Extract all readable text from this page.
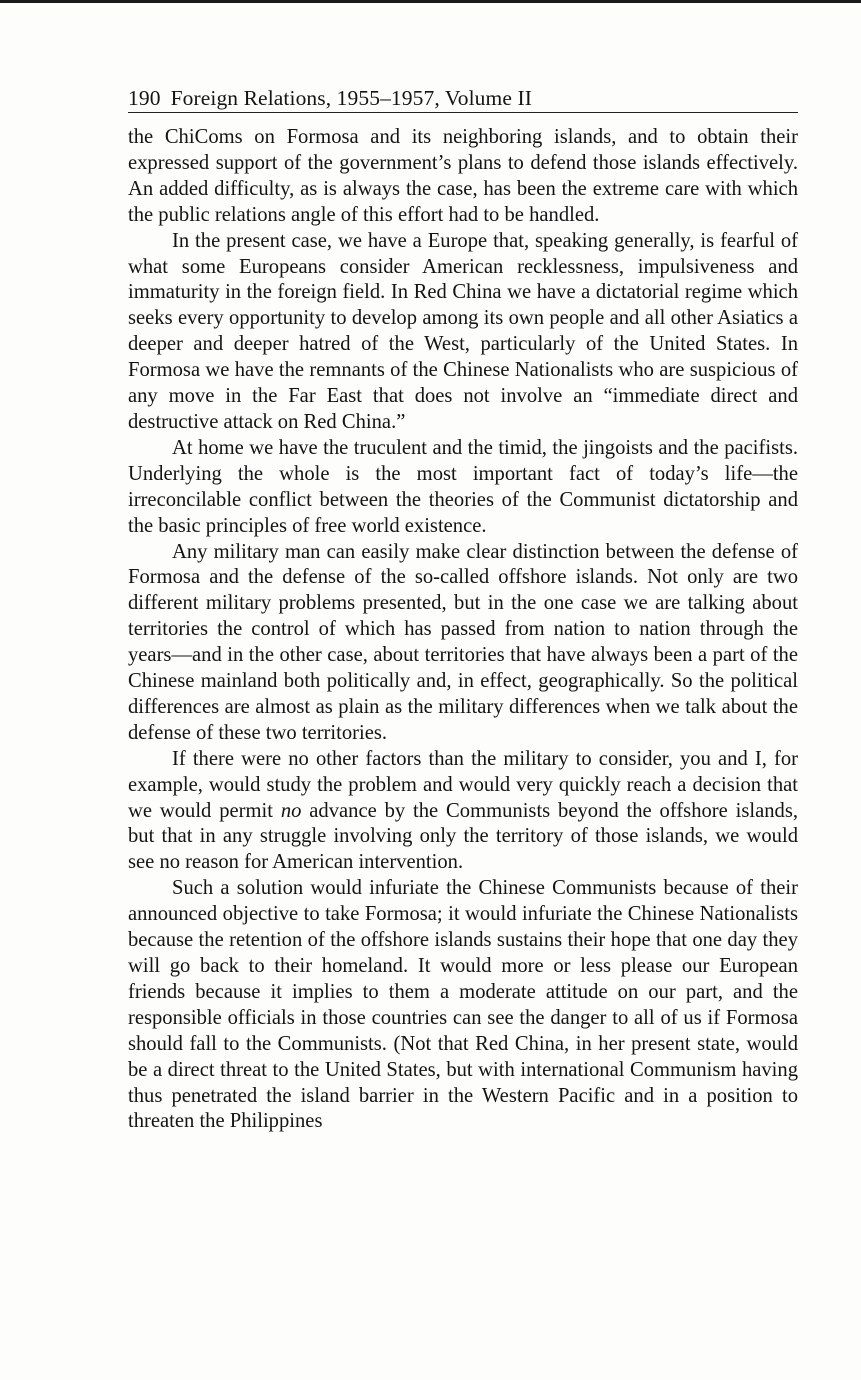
190 Foreign Relations, 1955–1957, Volume II

the ChiComs on Formosa and its neighboring islands, and to obtain their expressed support of the government’s plans to defend those islands effectively. An added difficulty, as is always the case, has been the extreme care with which the public relations angle of this effort had to be handled.

In the present case, we have a Europe that, speaking generally, is fearful of what some Europeans consider American recklessness, impulsiveness and immaturity in the foreign field. In Red China we have a dictatorial regime which seeks every opportunity to develop among its own people and all other Asiatics a deeper and deeper hatred of the West, particularly of the United States. In Formosa we have the remnants of the Chinese Nationalists who are suspicious of any move in the Far East that does not involve an “immediate direct and destructive attack on Red China.”

At home we have the truculent and the timid, the jingoists and the pacifists. Underlying the whole is the most important fact of today’s life—the irreconcilable conflict between the theories of the Communist dictatorship and the basic principles of free world existence.

Any military man can easily make clear distinction between the defense of Formosa and the defense of the so-called offshore islands. Not only are two different military problems presented, but in the one case we are talking about territories the control of which has passed from nation to nation through the years—and in the other case, about territories that have always been a part of the Chinese mainland both politically and, in effect, geographically. So the political differences are almost as plain as the military differences when we talk about the defense of these two territories.

If there were no other factors than the military to consider, you and I, for example, would study the problem and would very quickly reach a decision that we would permit no advance by the Communists beyond the offshore islands, but that in any struggle involving only the territory of those islands, we would see no reason for American intervention.

Such a solution would infuriate the Chinese Communists because of their announced objective to take Formosa; it would infuriate the Chinese Nationalists because the retention of the offshore islands sustains their hope that one day they will go back to their homeland. It would more or less please our European friends because it implies to them a moderate attitude on our part, and the responsible officials in those countries can see the danger to all of us if Formosa should fall to the Communists. (Not that Red China, in her present state, would be a direct threat to the United States, but with international Communism having thus penetrated the island barrier in the Western Pacific and in a position to threaten the Philippines
